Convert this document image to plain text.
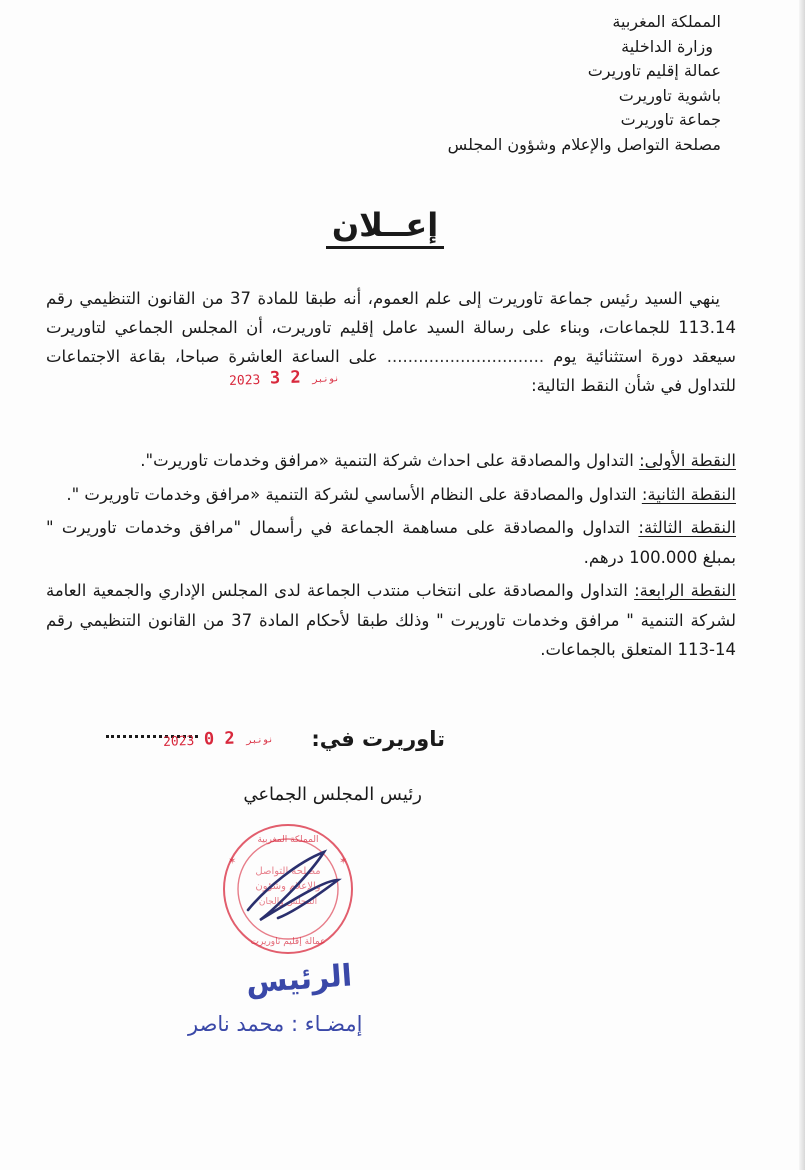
المملكة المغربية
وزارة الداخلية
عمالة إقليم تاوريرت
باشوية تاوريرت
جماعة تاوريرت
مصلحة التواصل والإعلام وشؤون المجلس
إعــلان

ينهي السيد رئيس جماعة تاوريرت إلى علم العموم، أنه طبقا للمادة 37 من القانون التنظيمي رقم 113.14 للجماعات، وبناء على رسالة السيد عامل إقليم تاوريرت، أن المجلس الجماعي لتاوريرت سيعقد دورة استثنائية يوم .............................. على الساعة العاشرة صباحا، بقاعة الاجتماعات للتداول في شأن النقط التالية:

2023	نونبر 2 3

النقطة الأولى: التداول والمصادقة على احداث شركة التنمية «مرافق وخدمات تاوريرت".

النقطة الثانية: التداول والمصادقة على النظام الأساسي لشركة التنمية «مرافق وخدمات تاوريرت ".

النقطة الثالثة: التداول والمصادقة على مساهمة الجماعة في رأسمال "مرافق وخدمات تاوريرت " بمبلغ 100.000 درهم.

النقطة الرابعة: التداول والمصادقة على انتخاب منتدب الجماعة لدى المجلس الإداري والجمعية العامة لشركة التنمية " مرافق وخدمات تاوريرت " وذلك طبقا لأحكام المادة 37 من القانون التنظيمي رقم 14-113 المتعلق بالجماعات.

تاوريرت في:
2023	نونبر 2 0
رئيس المجلس الجماعي
المملكة المغربية
مصلحة التواصل
والإعلام وشؤون
المجلس والجان
عمالة إقليم تاوريرت
✶	✶
الرئيس
إمضـاء : محمد ناصر
